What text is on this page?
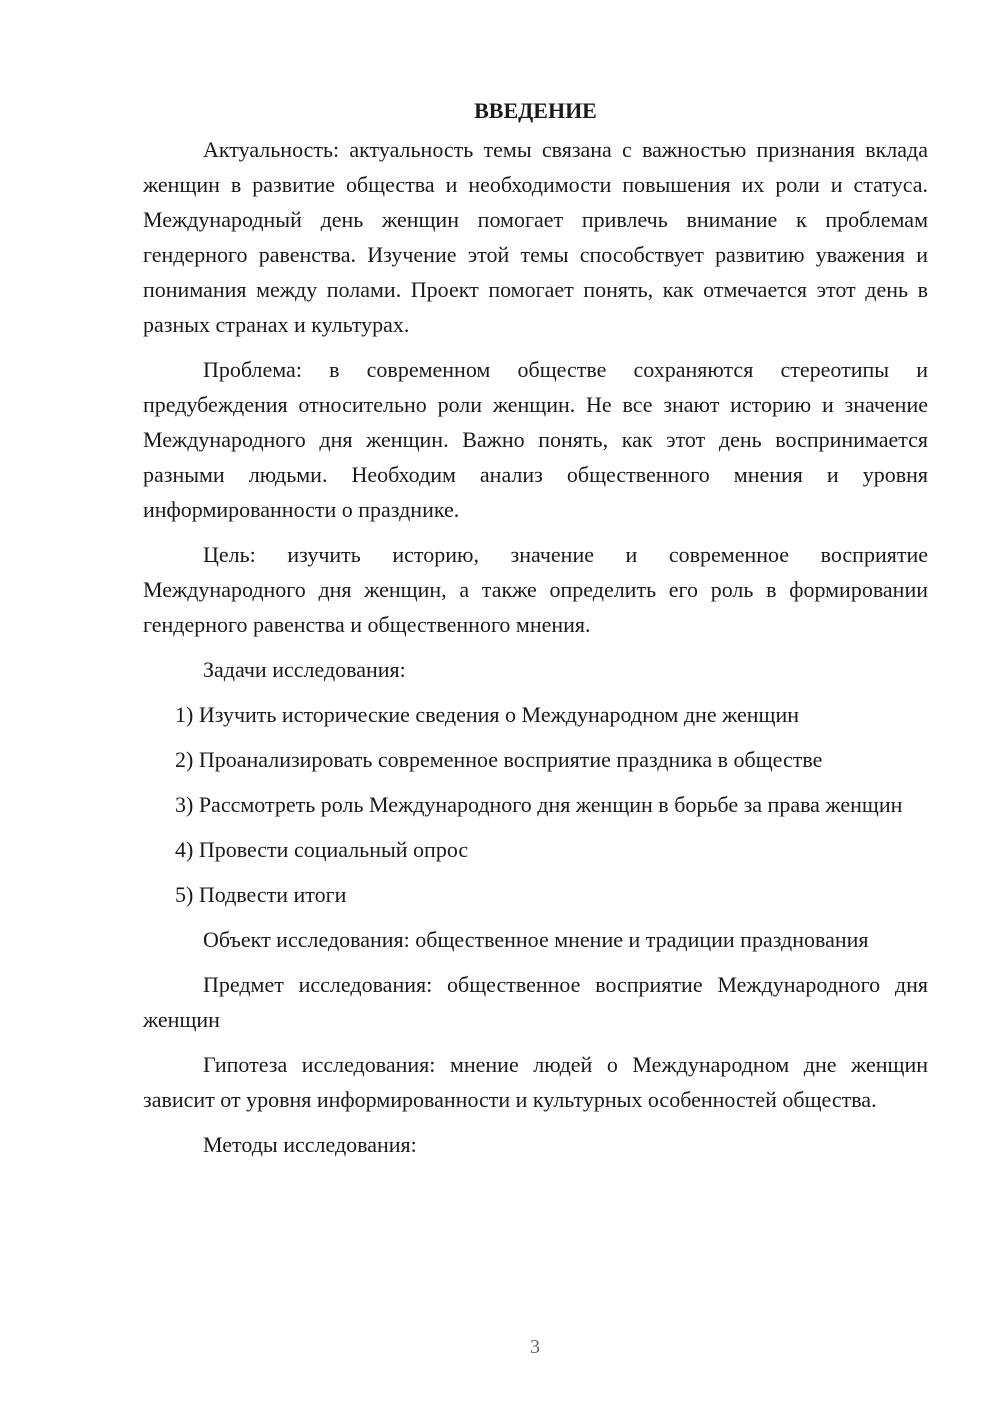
ВВЕДЕНИЕ

Актуальность: актуальность темы связана с важностью признания вклада женщин в развитие общества и необходимости повышения их роли и статуса. Международный день женщин помогает привлечь внимание к проблемам гендерного равенства. Изучение этой темы способствует развитию уважения и понимания между полами. Проект помогает понять, как отмечается этот день в разных странах и культурах.

Проблема: в современном обществе сохраняются стереотипы и предубеждения относительно роли женщин. Не все знают историю и значение Международного дня женщин. Важно понять, как этот день воспринимается разными людьми. Необходим анализ общественного мнения и уровня информированности о празднике.

Цель: изучить историю, значение и современное восприятие Международного дня женщин, а также определить его роль в формировании гендерного равенства и общественного мнения.

Задачи исследования:

1) Изучить исторические сведения о Международном дне женщин

2) Проанализировать современное восприятие праздника в обществе

3) Рассмотреть роль Международного дня женщин в борьбе за права женщин

4) Провести социальный опрос

5) Подвести итоги

Объект исследования: общественное мнение и традиции празднования

Предмет исследования: общественное восприятие Международного дня женщин

Гипотеза исследования: мнение людей о Международном дне женщин зависит от уровня информированности и культурных особенностей общества.

Методы исследования:

3
